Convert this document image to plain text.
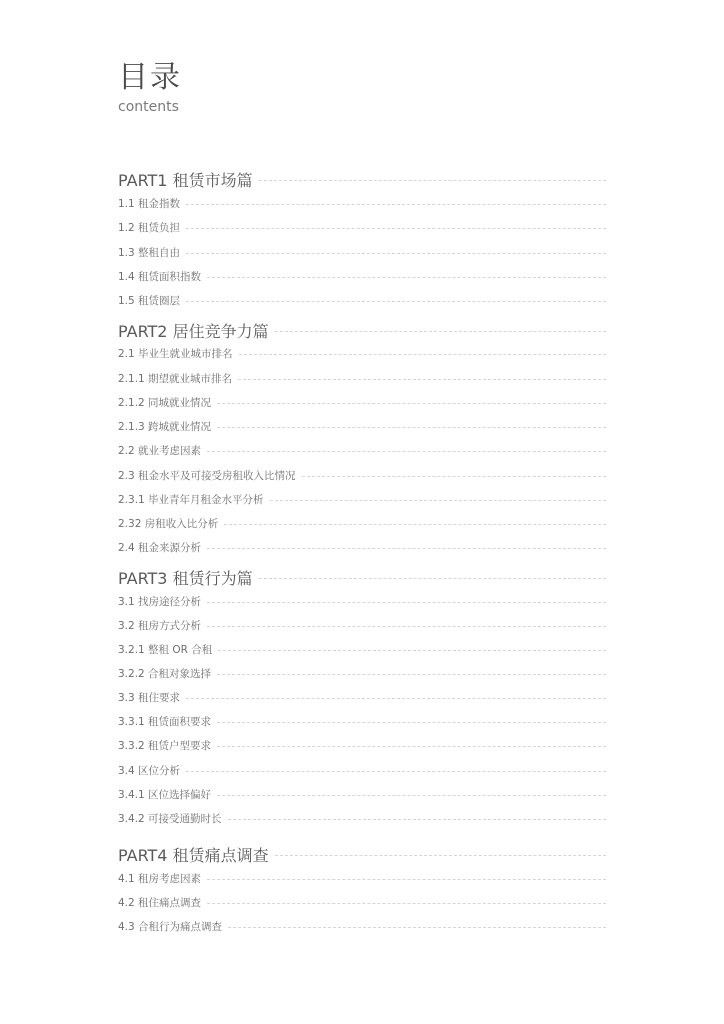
目录
contents
PART1 租赁市场篇
1.1 租金指数
1.2 租赁负担
1.3 整租自由
1.4 租赁面积指数
1.5 租赁圈层
PART2 居住竞争力篇
2.1 毕业生就业城市排名
2.1.1 期望就业城市排名
2.1.2 同城就业情况
2.1.3 跨城就业情况
2.2 就业考虑因素
2.3 租金水平及可接受房租收入比情况
2.3.1 毕业青年月租金水平分析
2.32 房租收入比分析
2.4 租金来源分析
PART3 租赁行为篇
3.1 找房途径分析
3.2 租房方式分析
3.2.1 整租 OR 合租
3.2.2 合租对象选择
3.3 租住要求
3.3.1 租赁面积要求
3.3.2 租赁户型要求
3.4 区位分析
3.4.1 区位选择偏好
3.4.2 可接受通勤时长
PART4 租赁痛点调查
4.1 租房考虑因素
4.2 租住痛点调查
4.3 合租行为痛点调查
